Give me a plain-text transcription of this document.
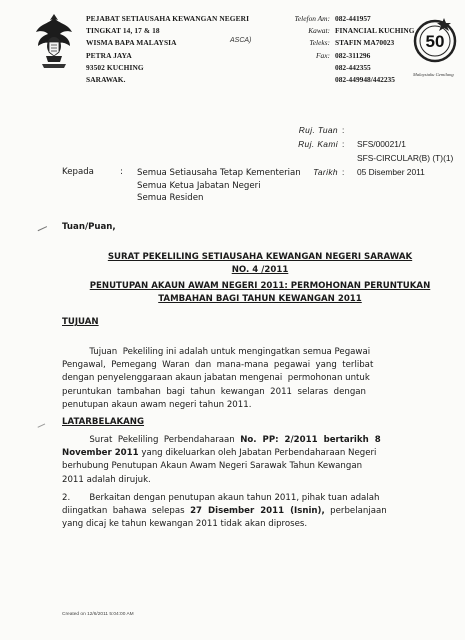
PEJABAT SETIAUSAHA KEWANGAN NEGERI
TINGKAT 14, 17 & 18
WISMA BAPA MALAYSIA
PETRA JAYA
93502 KUCHING
SARAWAK.
ASCA)
Telefon Am:
Kawat:
Teleks:
Fax:
082-441957
FINANCIAL KUCHING
STAFIN MA70023
082-311296
082-442355
082-449948/442235
50
Malaysiaku Gemilang
Ruj. Tuan
Ruj. Kami
Tarikh
:
:
:
SFS/00021/1
SFS-CIRCULAR(B) (T)(1)
05 Disember 2011
Kepada	: Semua Setiausaha Tetap Kementerian
Semua Ketua Jabatan Negeri
Semua Residen
Tuan/Puan,
SURAT PEKELILING SETIAUSAHA KEWANGAN NEGERI SARAWAK
NO. 4 /2011
PENUTUPAN AKAUN AWAM NEGERI 2011: PERMOHONAN PERUNTUKAN
TAMBAHAN BAGI TAHUN KEWANGAN 2011
TUJUAN
Tujuan  Pekeliling ini adalah untuk mengingatkan semua Pegawai
Pengawal,  Pemegang  Waran  dan  mana-mana  pegawai  yang  terlibat
dengan penyelenggaraan akaun jabatan mengenai  permohonan untuk
peruntukan  tambahan  bagi  tahun  kewangan  2011  selaras  dengan
penutupan akaun awam negeri tahun 2011.
LATARBELAKANG
Surat  Pekeliling  Perbendaharaan  No.  PP:  2/2011  bertarikh  8
November 2011 yang dikeluarkan oleh Jabatan Perbendaharaan Negeri
berhubung Penutupan Akaun Awam Negeri Sarawak Tahun Kewangan
2011 adalah dirujuk.
2.       Berkaitan dengan penutupan akaun tahun 2011, pihak tuan adalah
diingatkan  bahawa  selepas  27  Disember  2011  (Isnin),  perbelanjaan
yang dicaj ke tahun kewangan 2011 tidak akan diproses.
Created on 12/6/2011 5:04:00 AM
